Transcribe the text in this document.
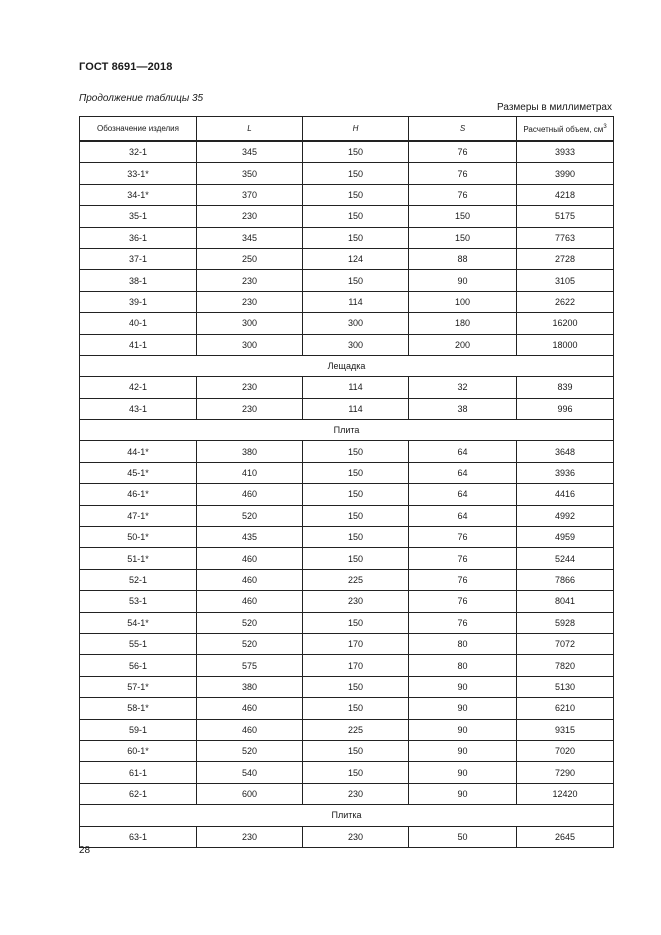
ГОСТ 8691—2018
Продолжение таблицы 35
Размеры в миллиметрах
Обозначение изделия	L	H	S	Расчетный объем, $см^3$
32-1	345	150	76	3933
33-1*	350	150	76	3990
34-1*	370	150	76	4218
35-1	230	150	150	5175
36-1	345	150	150	7763
37-1	250	124	88	2728
38-1	230	150	90	3105
39-1	230	114	100	2622
40-1	300	300	180	16200
41-1	300	300	200	18000
Лещадка				
42-1	230	114	32	839
43-1	230	114	38	996
Плита				
44-1*	380	150	64	3648
45-1*	410	150	64	3936
46-1*	460	150	64	4416
47-1*	520	150	64	4992
50-1*	435	150	76	4959
51-1*	460	150	76	5244
52-1	460	225	76	7866
53-1	460	230	76	8041
54-1*	520	150	76	5928
55-1	520	170	80	7072
56-1	575	170	80	7820
57-1*	380	150	90	5130
58-1*	460	150	90	6210
59-1	460	225	90	9315
60-1*	520	150	90	7020
61-1	540	150	90	7290
62-1	600	230	90	12420
Плитка				
63-1	230	230	50	2645
28
